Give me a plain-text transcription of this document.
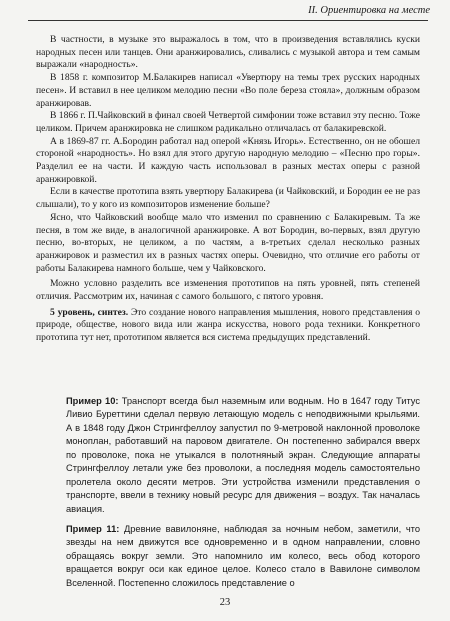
II. Ориентировка на месте

В частности, в музыке это выражалось в том, что в произведения вставлялись куски народных песен или танцев. Они аранжировались, сливались с музыкой автора и тем самым выражали «народность».

В 1858 г. композитор М.Балакирев написал «Увертюру на темы трех русских народных песен». И вставил в нее целиком мелодию песни «Во поле береза стояла», должным образом аранжировав.

В 1866 г. П.Чайковский в финал своей Четвертой симфонии тоже вставил эту песню. Тоже целиком. Причем аранжировка не слишком радикально отличалась от балакиревской.

А в 1869-87 гг. А.Бородин работал над оперой «Князь Игорь». Естественно, он не обошел стороной «народность». Но взял для этого другую народную мелодию – «Песню про горы». Разделил ее на части. И каждую часть использовал в разных местах оперы с разной аранжировкой.

Если в качестве прототипа взять увертюру Балакирева (и Чайковский, и Бородин ее не раз слышали), то у кого из композиторов изменение больше?

Ясно, что Чайковский вообще мало что изменил по сравнению с Балакиревым. Та же песня, в том же виде, в аналогичной аранжировке. А вот Бородин, во-первых, взял другую песню, во-вторых, не целиком, а по частям, а в-третьих сделал несколько разных аранжировок и разместил их в разных частях оперы. Очевидно, что отличие его работы от работы Балакирева намного больше, чем у Чайковского.

Можно условно разделить все изменения прототипов на пять уровней, пять степеней отличия. Рассмотрим их, начиная с самого большого, с пятого уровня.

5 уровень, синтез. Это создание нового направления мышления, нового представления о природе, обществе, нового вида или жанра искусства, нового рода техники. Конкретного прототипа тут нет, прототипом является вся система предыдущих представлений.

Пример 10: Транспорт всегда был наземным или водным. Но в 1647 году Титус Ливио Буреттини сделал первую летающую модель с неподвижными крыльями. А в 1848 году Джон Стрингфеллоу запустил по 9-метровой наклонной проволоке моноплан, работавший на паровом двигателе. Он постепенно забирался вверх по проволоке, пока не утыкался в полотняный экран. Следующие аппараты Стрингфеллоу летали уже без проволоки, а последняя модель самостоятельно пролетела около десяти метров. Эти устройства изменили представления о транспорте, ввели в технику новый ресурс для движения – воздух. Так началась авиация.

Пример 11: Древние вавилоняне, наблюдая за ночным небом, заметили, что звезды на нем движутся все одновременно и в одном направлении, словно обращаясь вокруг земли. Это напомнило им колесо, весь обод которого вращается вокруг оси как единое целое. Колесо стало в Вавилоне символом Вселенной. Постепенно сложилось представление о

23
